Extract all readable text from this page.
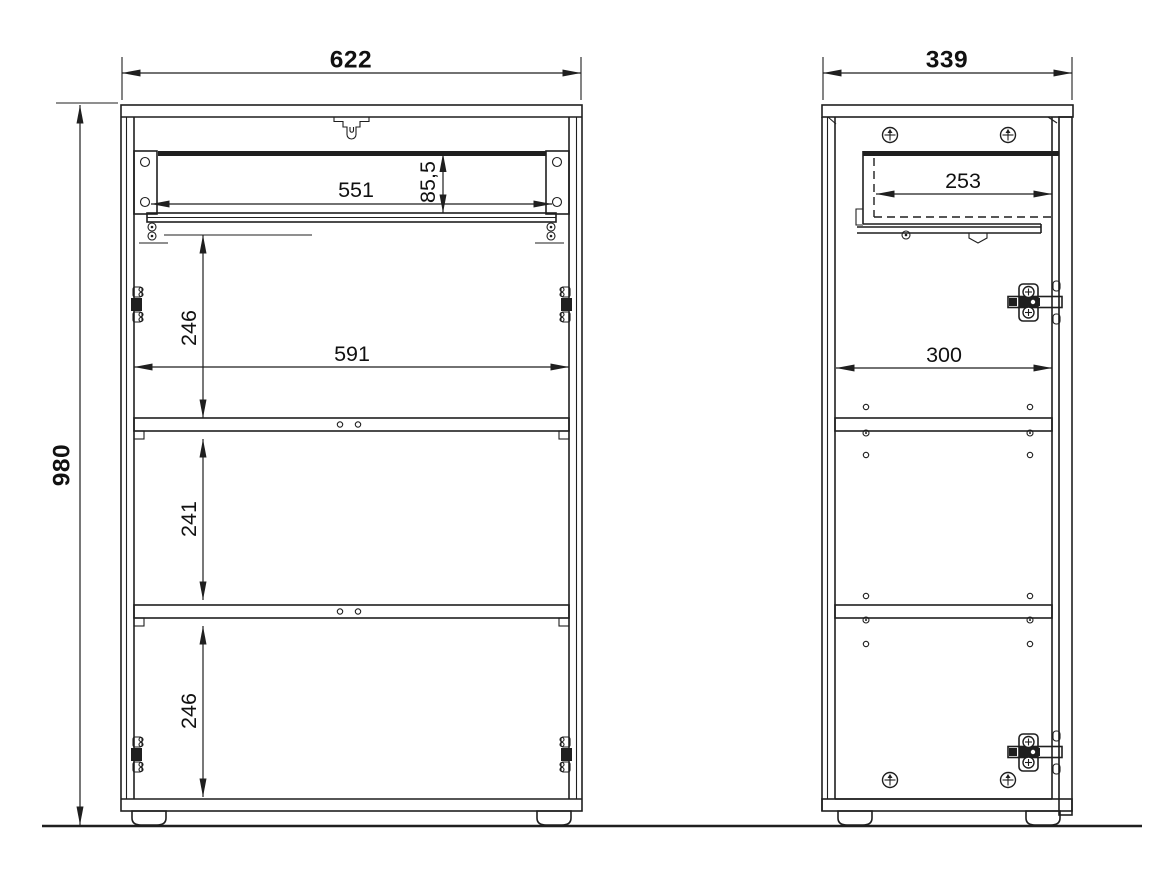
622
980
551 85,5
246
591
241
246
339
253
300
